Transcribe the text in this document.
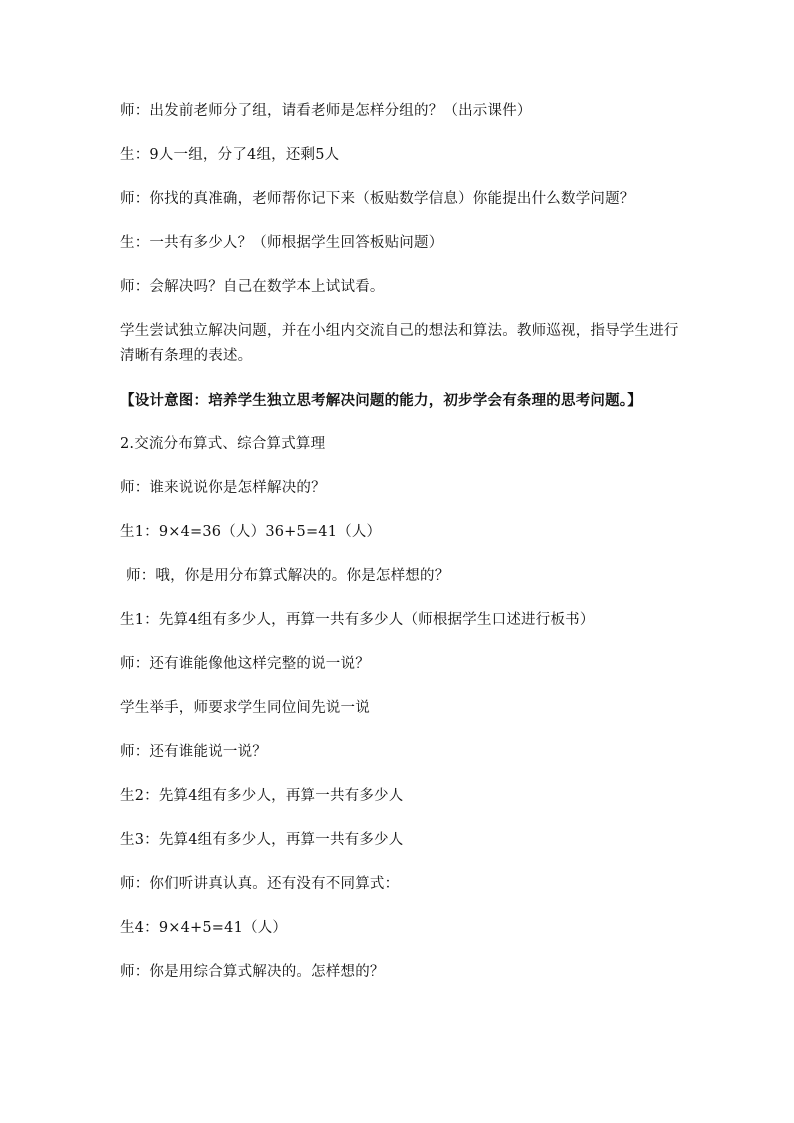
师：出发前老师分了组，请看老师是怎样分组的？（出示课件）

生：9人一组，分了4组，还剩5人

师：你找的真准确，老师帮你记下来（板贴数学信息）你能提出什么数学问题？

生：一共有多少人？（师根据学生回答板贴问题）

师：会解决吗？自己在数学本上试试看。

学生尝试独立解决问题，并在小组内交流自己的想法和算法。教师巡视，指导学生进行清晰有条理的表述。

【设计意图：培养学生独立思考解决问题的能力，初步学会有条理的思考问题。】

2.交流分布算式、综合算式算理

师：谁来说说你是怎样解决的？

生1：9×4=36（人）36+5=41（人）

师：哦，你是用分布算式解决的。你是怎样想的？

生1：先算4组有多少人，再算一共有多少人（师根据学生口述进行板书）

师：还有谁能像他这样完整的说一说？

学生举手，师要求学生同位间先说一说

师：还有谁能说一说？

生2：先算4组有多少人，再算一共有多少人

生3：先算4组有多少人，再算一共有多少人

师：你们听讲真认真。还有没有不同算式：

生4：9×4+5=41（人）

师：你是用综合算式解决的。怎样想的？
